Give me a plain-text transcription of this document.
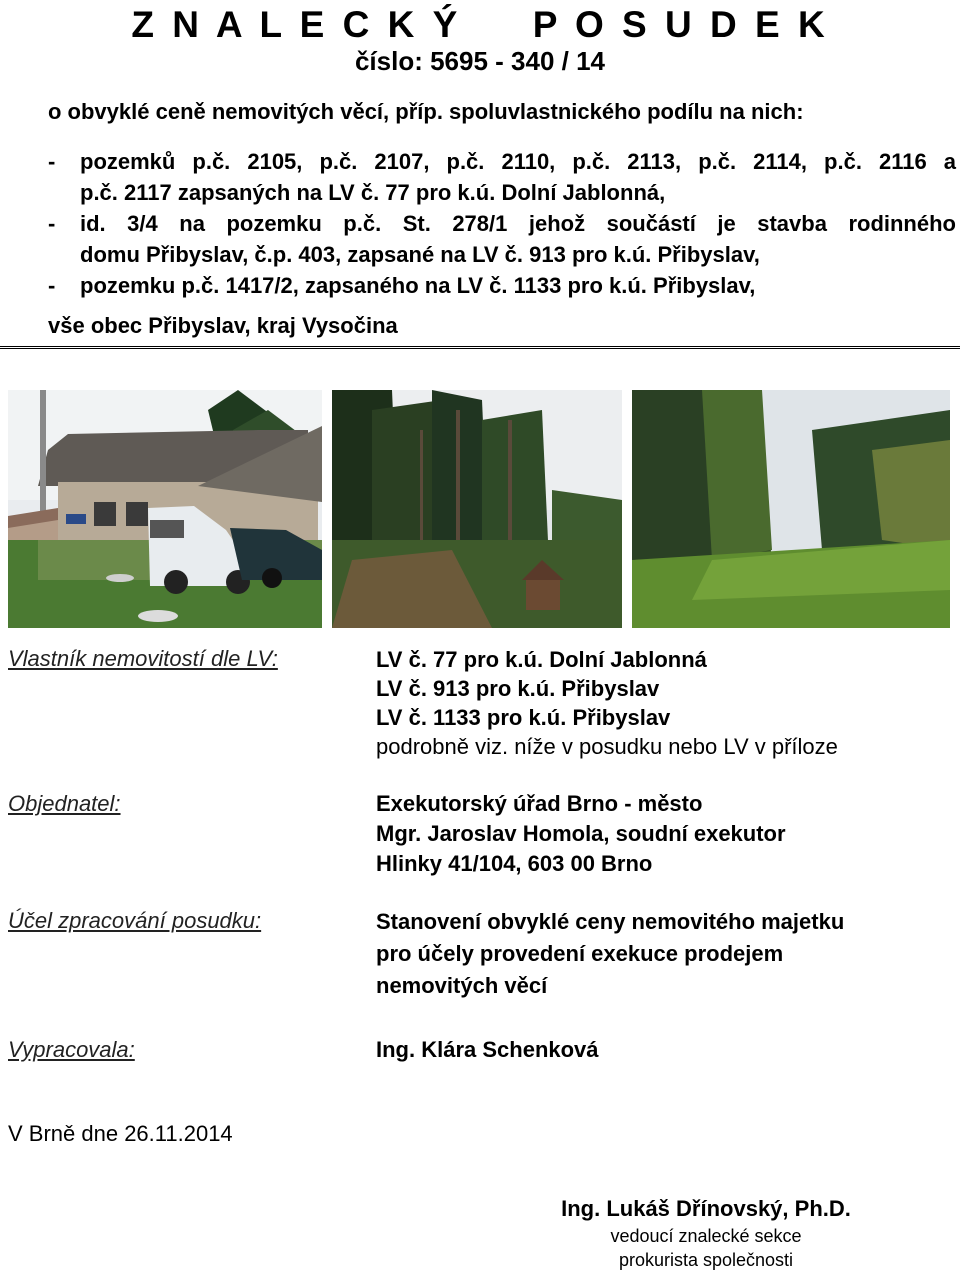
Z N A L E C K Ý     P O S U D E K
číslo: 5695 - 340 / 14
o obvyklé ceně nemovitých věcí, příp. spoluvlastnického podílu na nich:
-	pozemků p.č. 2105, p.č. 2107, p.č. 2110, p.č. 2113, p.č. 2114, p.č. 2116 a
p.č. 2117 zapsaných na LV č. 77 pro k.ú. Dolní Jablonná,
-	id. 3/4 na pozemku p.č. St. 278/1 jehož součástí je stavba rodinného
domu Přibyslav, č.p. 403, zapsané na LV č. 913 pro k.ú. Přibyslav,
-	pozemku p.č. 1417/2, zapsaného na LV č. 1133 pro k.ú. Přibyslav,
vše obec Přibyslav, kraj Vysočina
Vlastník nemovitostí dle LV:	LV č. 77 pro k.ú. Dolní Jablonná
LV č. 913 pro k.ú. Přibyslav
LV č. 1133 pro k.ú. Přibyslav
podrobně viz. níže v posudku nebo LV v příloze
Objednatel:	Exekutorský úřad Brno - město
Mgr. Jaroslav Homola, soudní exekutor
Hlinky 41/104, 603 00 Brno
Účel zpracování posudku:	Stanovení obvyklé ceny nemovitého majetku
pro účely provedení exekuce prodejem
nemovitých věcí
Vypracovala:	Ing. Klára Schenková
V Brně dne 26.11.2014
Ing. Lukáš Dřínovský, Ph.D.
vedoucí znalecké sekce
prokurista společnosti
